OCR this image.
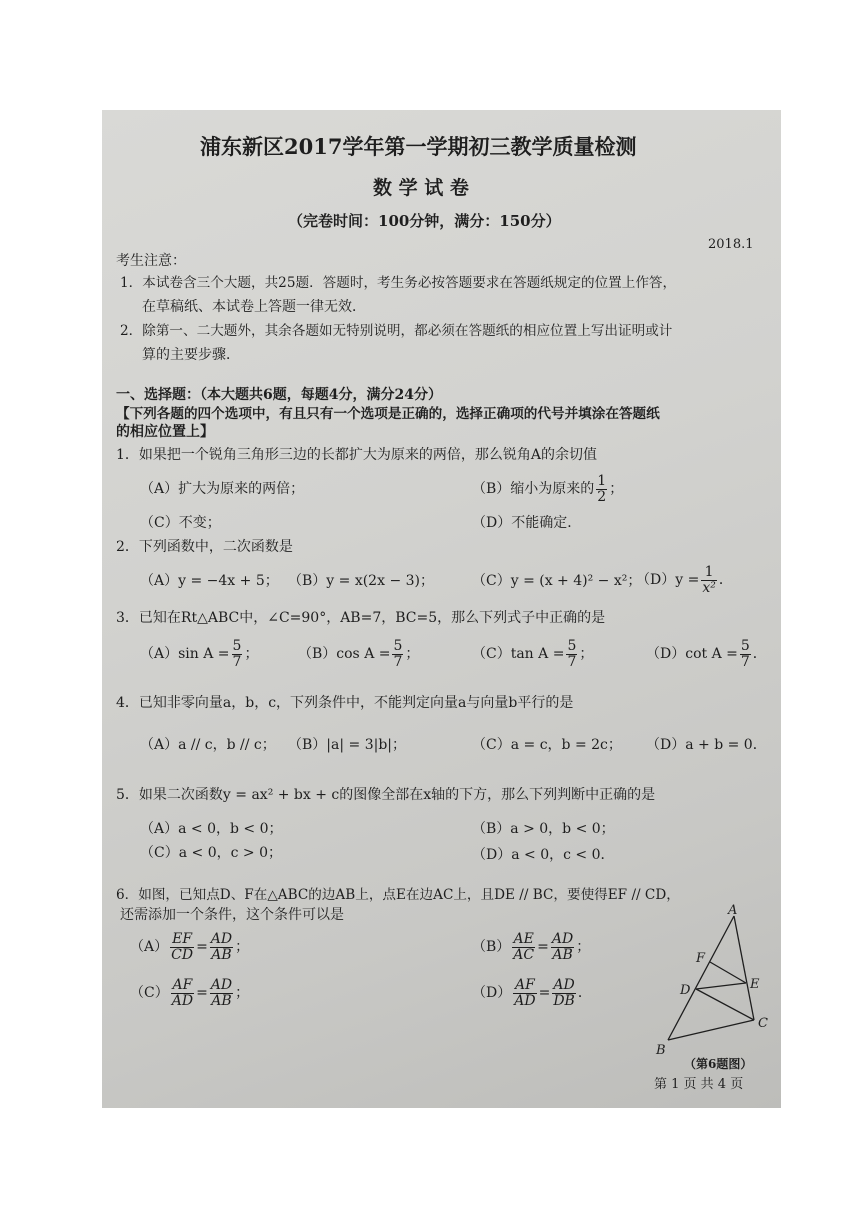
浦东新区2017学年第一学期初三教学质量检测
数 学 试 卷
（完卷时间：100分钟，满分：150分）
2018.1
考生注意：
1．本试卷含三个大题，共25题．答题时，考生务必按答题要求在答题纸规定的位置上作答，
在草稿纸、本试卷上答题一律无效．
2．除第一、二大题外，其余各题如无特别说明，都必须在答题纸的相应位置上写出证明或计
算的主要步骤．
一、选择题：（本大题共6题，每题4分，满分24分）
【下列各题的四个选项中，有且只有一个选项是正确的，选择正确项的代号并填涂在答题纸
的相应位置上】
1．如果把一个锐角三角形三边的长都扩大为原来的两倍，那么锐角A的余切值
（A）扩大为原来的两倍；	（B）缩小为原来的 $\frac{1}{2}$ ；
（C）不变；	（D）不能确定．
2．下列函数中，二次函数是
（A）y = −4x + 5； （B）y = x(2x − 3)；	（C）y = (x + 4)² − x²；
$(D)y = \frac{1}{\text{x²}}$ ．
3．已知在Rt△ABC中，∠C=90°，AB=7，BC=5，那么下列式子中正确的是
（A）sin $A = \frac{5}{7}$ ；	（B）cos $A = \frac{5}{7}$ ；	（C）tan $A = \frac{5}{7}$ ；	（D）cot $A = \frac{5}{7}$ ．
4．已知非零向量a，b，c，下列条件中，不能判定向量a与向量b平行的是
（A）a // c，b // c； （B）|a| = 3|b|；	（C）a = c，b = 2c； （D）a + b = 0．
5．如果二次函数y = ax² + bx + c的图像全部在x轴的下方，那么下列判断中正确的是
（A）a < 0，b < 0；	（B）a > 0，b < 0；
（C）a < 0，c > 0；	（D）a < 0，c < 0．
6．如图，已知点D、F在△ABC的边AB上，点E在边AC上，且DE // BC，要使得EF // CD，
还需添加一个条件，这个条件可以是
$(A) \frac{EF}{CD} = \frac{AD}{AB}$ ；	$(B) \frac{AE}{AC} = \frac{AD}{AB}$ ；
$(C) \frac{AF}{AD} = \frac{AD}{AB}$ ；	$(D) \frac{AF}{AD} = \frac{AD}{DB}$ ．
A
B
C
D	E
F
（第6题图）
第 1 页 共 4 页
